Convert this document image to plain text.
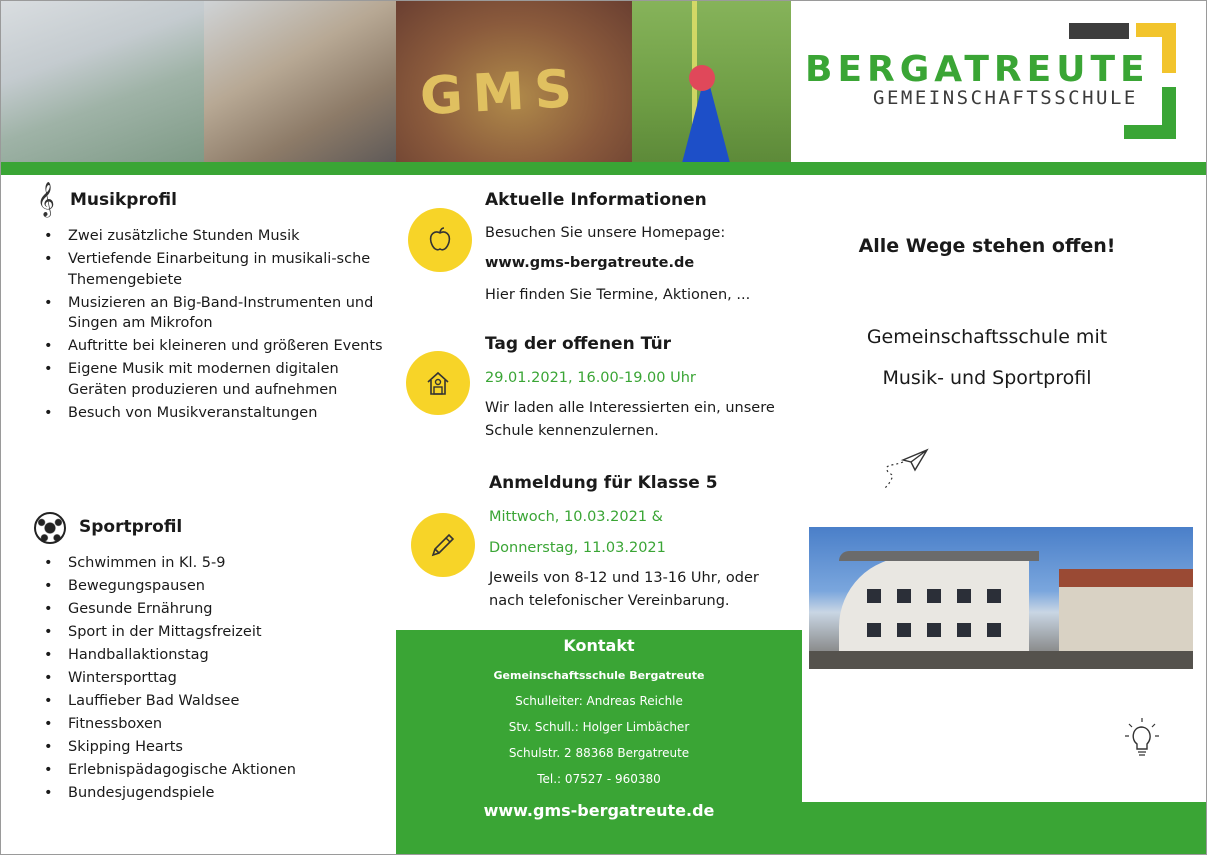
GMS	BERGATREUTE
GEMEINSCHAFTSSCHULE
𝄞 Musikprofil
• Zwei zusätzliche Stunden Musik
• Vertiefende Einarbeitung in musikali-sche Themengebiete
• Musizieren an Big-Band-Instrumenten und Singen am Mikrofon
• Auftritte bei kleineren und größeren Events
• Eigene Musik mit modernen digitalen Geräten produzieren und aufnehmen
• Besuch von Musikveranstaltungen
Sportprofil
• Schwimmen in Kl. 5-9
• Bewegungspausen
• Gesunde Ernährung
• Sport in der Mittagsfreizeit
• Handballaktionstag
• Wintersporttag
• Lauffieber Bad Waldsee
• Fitnessboxen
• Skipping Hearts
• Erlebnispädagogische Aktionen
• Bundesjugendspiele
Aktuelle Informationen
Besuchen Sie unsere Homepage:
www.gms-bergatreute.de
Hier finden Sie Termine, Aktionen, ...
Tag der offenen Tür
29.01.2021, 16.00-19.00 Uhr
Wir laden alle Interessierten ein, unsere
Schule kennenzulernen.
Anmeldung für Klasse 5
Mittwoch, 10.03.2021 &
Donnerstag, 11.03.2021
Jeweils von 8-12 und 13-16 Uhr, oder
nach telefonischer Vereinbarung.
Kontakt
Gemeinschaftsschule Bergatreute
Schulleiter: Andreas Reichle
Stv. Schull.: Holger Limbächer
Schulstr. 2 88368 Bergatreute
Tel.: 07527 - 960380
www.gms-bergatreute.de
Alle Wege stehen offen!
Gemeinschaftsschule mit
Musik- und Sportprofil
